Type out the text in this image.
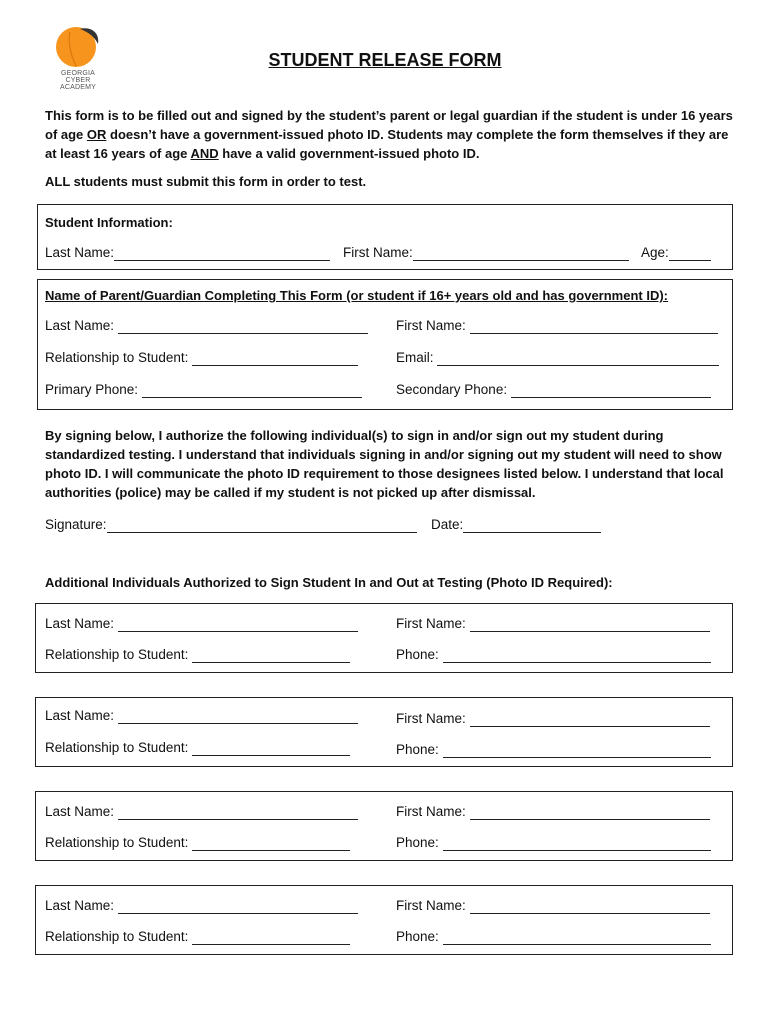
GEORGIA
CYBER
ACADEMY
STUDENT RELEASE FORM
This form is to be filled out and signed by the student’s parent or legal guardian if the student is under 16 years of age OR doesn’t have a government-issued photo ID. Students may complete the form themselves if they are at least 16 years of age AND have a valid government-issued photo ID.
ALL students must submit this form in order to test.
Student Information:
Last Name:	First Name:	Age:
Name of Parent/Guardian Completing This Form (or student if 16+ years old and has government ID):
Last Name:	First Name:
Relationship to Student:	Email:
Primary Phone:	Secondary Phone:
By signing below, I authorize the following individual(s) to sign in and/or sign out my student during standardized testing. I understand that individuals signing in and/or signing out my student will need to show photo ID. I will communicate the photo ID requirement to those designees listed below. I understand that local authorities (police) may be called if my student is not picked up after dismissal.
Signature:	Date:
Additional Individuals Authorized to Sign Student In and Out at Testing (Photo ID Required):
Last Name:	First Name:
Relationship to Student:	Phone:
Last Name:	First Name:
Relationship to Student:	Phone:
Last Name:	First Name:
Relationship to Student:	Phone:
Last Name:	First Name:
Relationship to Student:	Phone:
